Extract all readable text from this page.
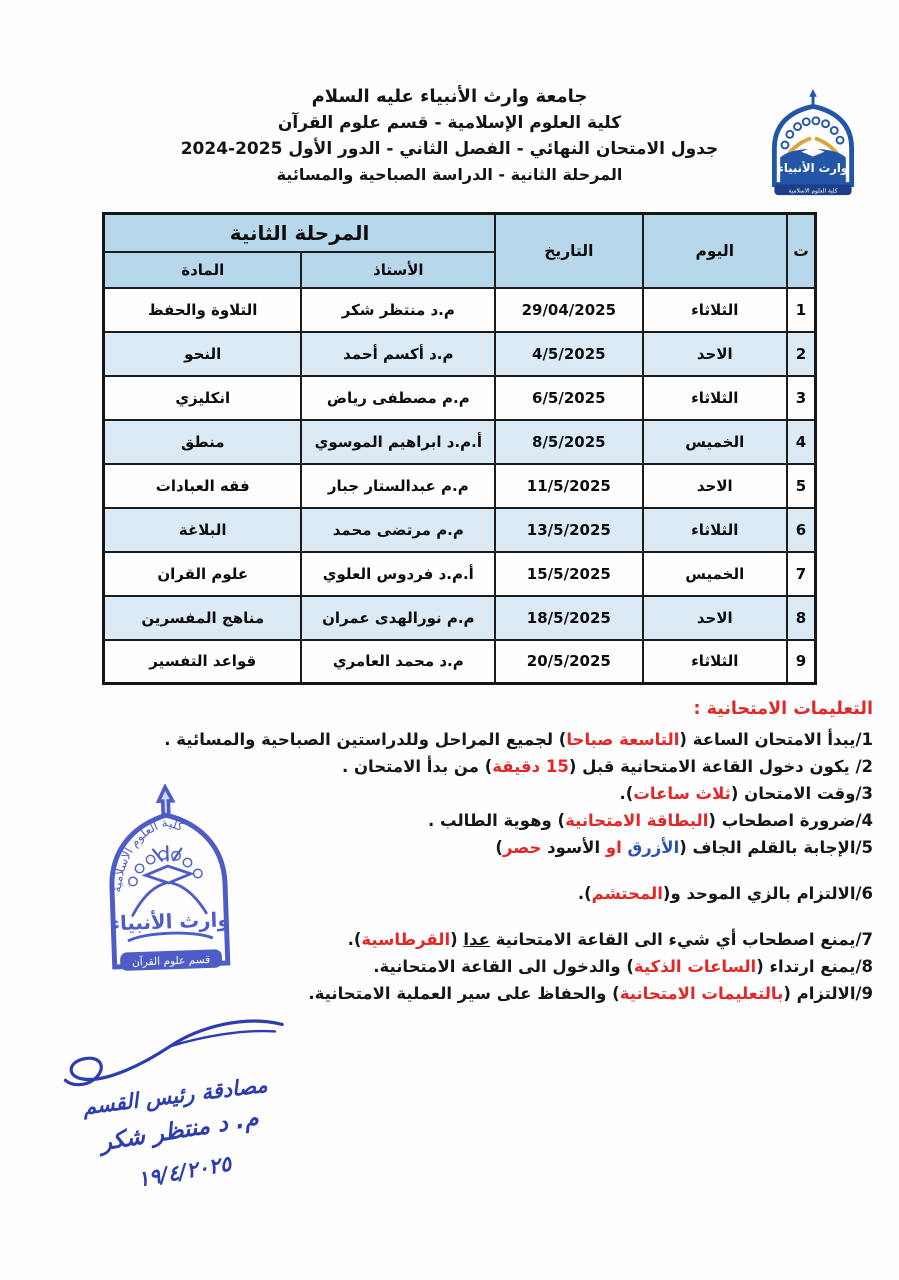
جامعة وارث الأنبياء عليه السلام
كلية العلوم الإسلامية - قسم علوم القرآن
جدول الامتحان النهائي - الفصل الثاني - الدور الأول 2025-2024
المرحلة الثانية - الدراسة الصباحية والمسائية	وارث الأنبياء
كلية العلوم الاسلامية
ت	اليوم	التاريخ	المرحلة الثانية	
			الأستاذ	المادة
1	الثلاثاء	29/04/2025	م.د منتظر شكر	التلاوة والحفظ
2	الاحد	4/5/2025	م.د أكسم أحمد	النحو
3	الثلاثاء	6/5/2025	م.م مصطفى رياض	انكليزي
4	الخميس	8/5/2025	أ.م.د ابراهيم الموسوي	منطق
5	الاحد	11/5/2025	م.م عبدالستار جبار	فقه العبادات
6	الثلاثاء	13/5/2025	م.م مرتضى محمد	البلاغة
7	الخميس	15/5/2025	أ.م.د فردوس العلوي	علوم القران
8	الاحد	18/5/2025	م.م نورالهدى عمران	مناهج المفسرين
9	الثلاثاء	20/5/2025	م.د محمد العامري	قواعد التفسير
التعليمات الامتحانية :
1/يبدأ الامتحان الساعة (التاسعة صباحا) لجميع المراحل وللدراستين الصباحية والمسائية .
2/ يكون دخول القاعة الامتحانية قبل (15 دقيقة) من بدأ الامتحان .
3/وقت الامتحان (ثلاث ساعات).
4/ضرورة اصطحاب (البطاقة الامتحانية) وهوية الطالب .
5/الإجابة بالقلم الجاف (الأزرق او الأسود حصر)
6/الالتزام بالزي الموحد و(المحتشم).
7/يمنع اصطحاب أي شيء الى القاعة الامتحانية عدا (القرطاسية).
8/يمنع ارتداء (الساعات الذكية) والدخول الى القاعة الامتحانية.
9/الالتزام (بالتعليمات الامتحانية) والحفاظ على سير العملية الامتحانية.
كلية العلوم الاسلامية
وارث الأنبياء
قسم علوم القرآن
مصادقة رئيس القسم
م. د منتظر شكر
١٩/٤/٢٠٢٥
